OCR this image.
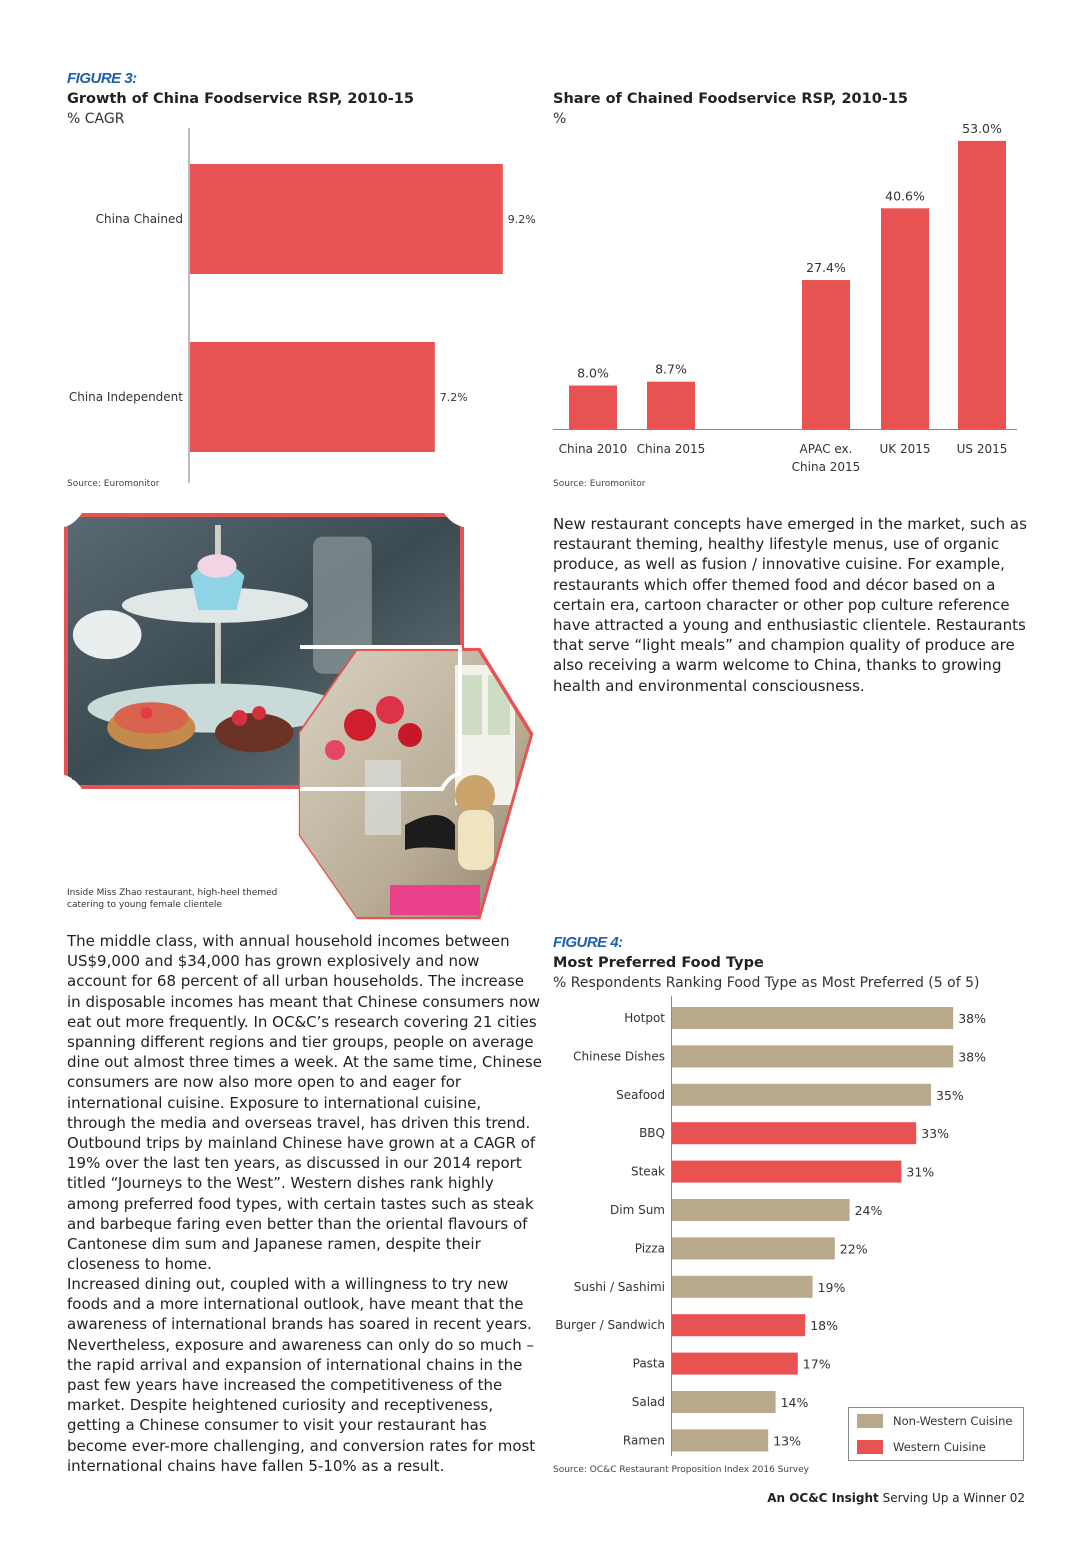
FIGURE 3:
Growth of China Foodservice RSP, 2010-15
% CAGR
Share of Chained Foodservice RSP, 2010-15
%
China Chained	9.2%
China Independent	7.2%
Source: Euromonitor
8.0%
China 2010
8.7%
China 2015
27.4%
APAC ex.
China 2015
40.6%
UK 2015
53.0%
US 2015
Source: Euromonitor
Inside Miss Zhao restaurant, high-heel themed
catering to young female clientele
New restaurant concepts have emerged in the market, such as restaurant theming, healthy lifestyle menus, use of organic produce, as well as fusion / innovative cuisine. For example, restaurants which offer themed food and décor based on a certain era, cartoon character or other pop culture reference have attracted a young and enthusiastic clientele. Restaurants that serve “light meals” and champion quality of produce are also receiving a warm welcome to China, thanks to growing health and environmental consciousness.
The middle class, with annual household incomes between US$9,000 and $34,000 has grown explosively and now account for 68 percent of all urban households. The increase in disposable incomes has meant that Chinese consumers now eat out more frequently. In OC&C’s research covering 21 cities spanning different regions and tier groups, people on average dine out almost three times a week. At the same time, Chinese consumers are now also more open to and eager for international cuisine. Exposure to international cuisine, through the media and overseas travel, has driven this trend. Outbound trips by mainland Chinese have grown at a CAGR of 19% over the last ten years, as discussed in our 2014 report titled “Journeys to the West”. Western dishes rank highly among preferred food types, with certain tastes such as steak and barbeque faring even better than the oriental flavours of Cantonese dim sum and Japanese ramen, despite their closeness to home.
Increased dining out, coupled with a willingness to try new foods and a more international outlook, have meant that the awareness of international brands has soared in recent years. Nevertheless, exposure and awareness can only do so much – the rapid arrival and expansion of international chains in the past few years have increased the competitiveness of the market. Despite heightened curiosity and receptiveness, getting a Chinese consumer to visit your restaurant has become ever-more challenging, and conversion rates for most international chains have fallen 5-10% as a result.
FIGURE 4:
Most Preferred Food Type
% Respondents Ranking Food Type as Most Preferred (5 of 5)
Hotpot	38%
Chinese Dishes	38%
Seafood	35%
BBQ	33%
Steak	31%
Dim Sum	24%
Pizza	22%
Sushi / Sashimi	19%
Burger / Sandwich	18%
Pasta	17%
Salad	14%
Ramen	13%
Non-Western Cuisine
Western Cuisine
Source: OC&C Restaurant Proposition Index 2016 Survey
An OC&C Insight Serving Up a Winner 02
